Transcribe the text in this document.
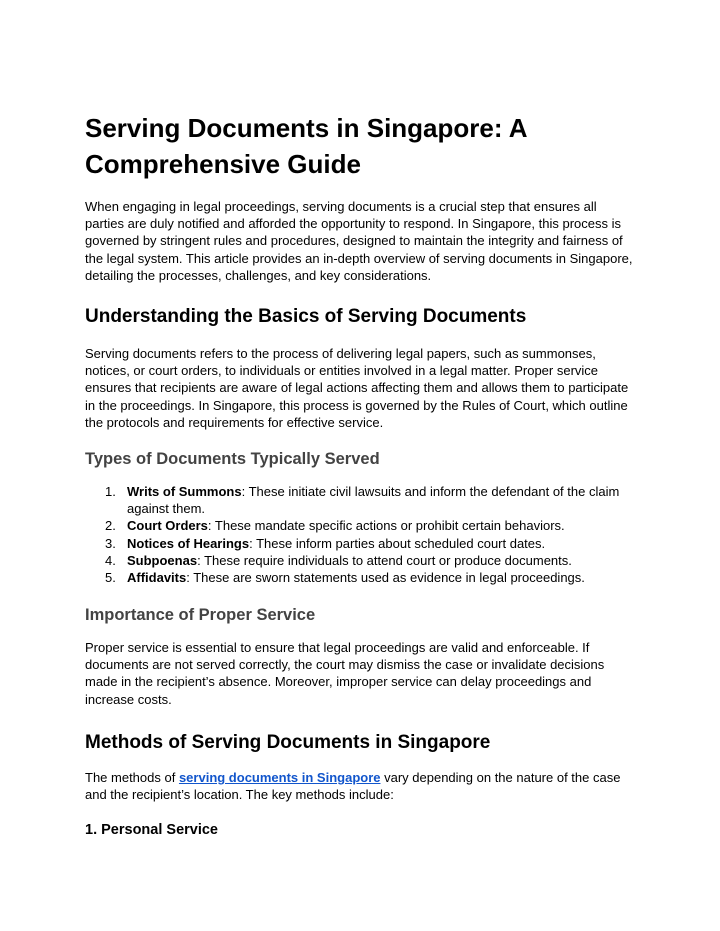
Serving Documents in Singapore: A Comprehensive Guide

When engaging in legal proceedings, serving documents is a crucial step that ensures all parties are duly notified and afforded the opportunity to respond. In Singapore, this process is governed by stringent rules and procedures, designed to maintain the integrity and fairness of the legal system. This article provides an in-depth overview of serving documents in Singapore, detailing the processes, challenges, and key considerations.

Understanding the Basics of Serving Documents

Serving documents refers to the process of delivering legal papers, such as summonses, notices, or court orders, to individuals or entities involved in a legal matter. Proper service ensures that recipients are aware of legal actions affecting them and allows them to participate in the proceedings. In Singapore, this process is governed by the Rules of Court, which outline the protocols and requirements for effective service.

Types of Documents Typically Served
1. Writs of Summons: These initiate civil lawsuits and inform the defendant of the claim against them.
2. Court Orders: These mandate specific actions or prohibit certain behaviors.
3. Notices of Hearings: These inform parties about scheduled court dates.
4. Subpoenas: These require individuals to attend court or produce documents.
5. Affidavits: These are sworn statements used as evidence in legal proceedings.
Importance of Proper Service

Proper service is essential to ensure that legal proceedings are valid and enforceable. If documents are not served correctly, the court may dismiss the case or invalidate decisions made in the recipient’s absence. Moreover, improper service can delay proceedings and increase costs.

Methods of Serving Documents in Singapore

The methods of serving documents in Singapore vary depending on the nature of the case and the recipient’s location. The key methods include:

1. Personal Service
